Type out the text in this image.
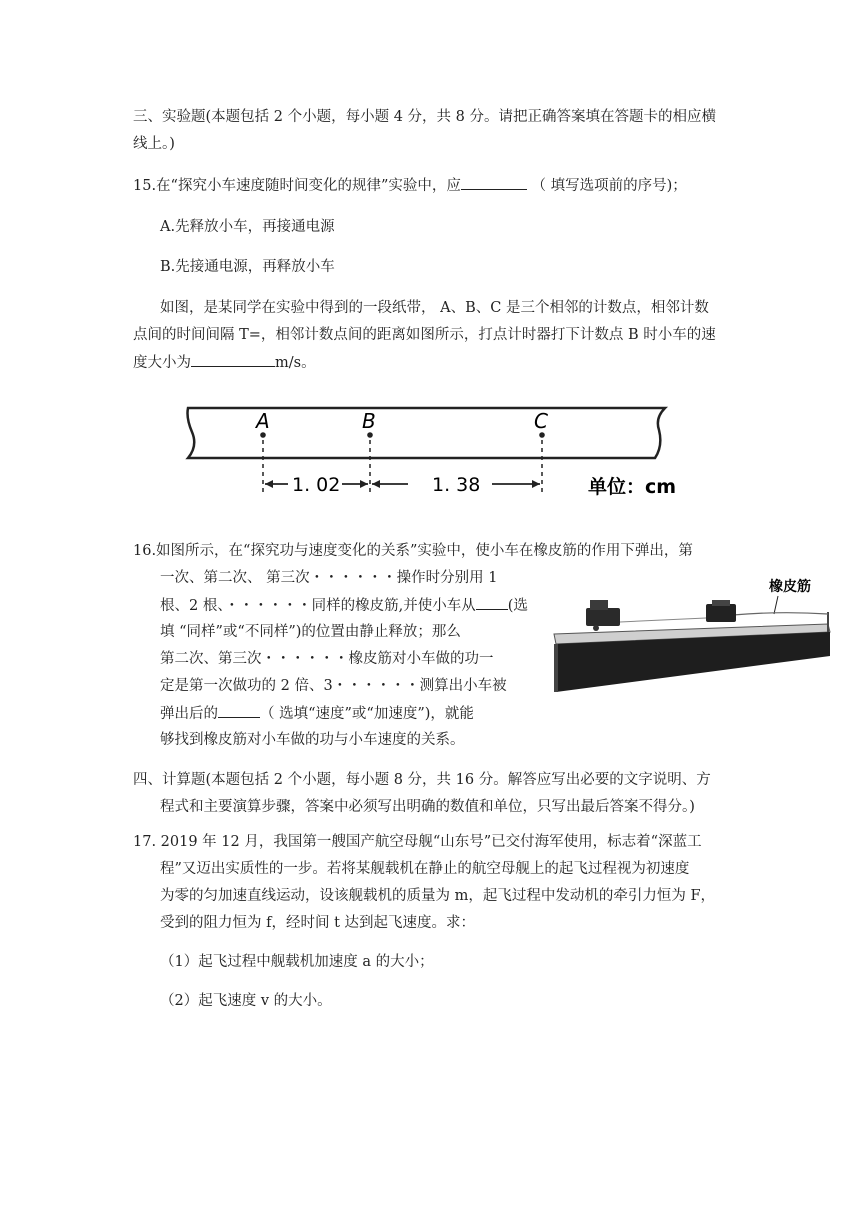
三、实验题(本题包括 2 个小题，每小题 4 分，共 8 分。请把正确答案填在答题卡的相应横
线上。)
15.在“探究小车速度随时间变化的规律”实验中，应	（ 填写选项前的序号)；
A.先释放小车，再接通电源
B.先接通电源，再释放小车
如图，是某同学在实验中得到的一段纸带， A、B、C 是三个相邻的计数点，相邻计数
点间的时间间隔 T=，相邻计数点间的距离如图所示，打点计时器打下计数点 B 时小车的速
度大小为	m/s。
A	B	C
1. 02	1. 38	单位：cm
16.如图所示，在“探究功与速度变化的关系”实验中，使小车在橡皮筋的作用下弹出，第
一次、第二次、 第三次・・・・・・操作时分别用 1
根、2 根、・・・・・・同样的橡皮筋,并使小车从 (选
填 “同样”或“不同样”)的位置由静止释放；那么
第二次、第三次・・・・・・橡皮筋对小车做的功一
定是第一次做功的 2 倍、3・・・・・・测算出小车被
弹出后的	（ 选填“速度”或“加速度”)，就能
够找到橡皮筋对小车做的功与小车速度的关系。
橡皮筋
四、计算题(本题包括 2 个小题，每小题 8 分，共 16 分。解答应写出必要的文字说明、方
程式和主要演算步骤，答案中必须写出明确的数值和单位，只写出最后答案不得分。)
17. 2019 年 12 月，我国第一艘国产航空母舰“山东号”已交付海军使用，标志着“深蓝工
程”又迈出实质性的一步。若将某舰载机在静止的航空母舰上的起飞过程视为初速度
为零的匀加速直线运动，设该舰载机的质量为 m，起飞过程中发动机的牵引力恒为 F，
受到的阻力恒为 f，经时间 t 达到起飞速度。求：
（1）起飞过程中舰载机加速度 a 的大小；
（2）起飞速度 v 的大小。
